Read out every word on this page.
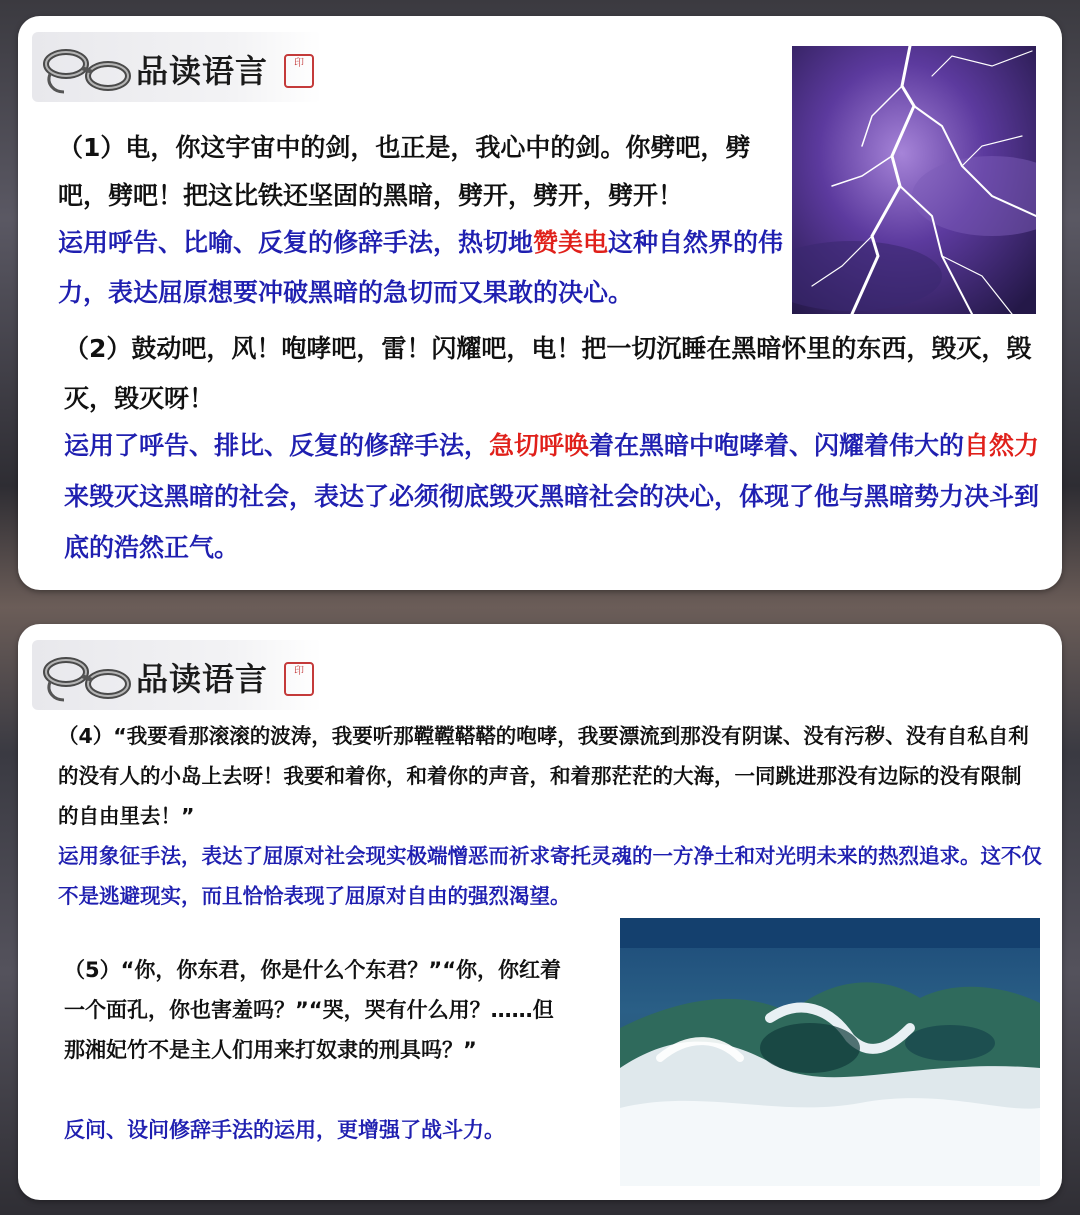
品读语言	印

（1）电，你这宇宙中的剑，也正是，我心中的剑。你劈吧，劈吧，劈吧！把这比铁还坚固的黑暗，劈开，劈开，劈开！

运用呼告、比喻、反复的修辞手法，热切地赞美电这种自然界的伟力，表达屈原想要冲破黑暗的急切而又果敢的决心。

（2）鼓动吧，风！咆哮吧，雷！闪耀吧，电！把一切沉睡在黑暗怀里的东西，毁灭，毁灭，毁灭呀！

运用了呼告、排比、反复的修辞手法，急切呼唤着在黑暗中咆哮着、闪耀着伟大的自然力来毁灭这黑暗的社会，表达了必须彻底毁灭黑暗社会的决心，体现了他与黑暗势力决斗到底的浩然正气。

品读语言	印

（4）“我要看那滚滚的波涛，我要听那鞺鞺鞳鞳的咆哮，我要漂流到那没有阴谋、没有污秽、没有自私自利的没有人的小岛上去呀！我要和着你，和着你的声音，和着那茫茫的大海，一同跳进那没有边际的没有限制的自由里去！”

运用象征手法，表达了屈原对社会现实极端憎恶而祈求寄托灵魂的一方净土和对光明未来的热烈追求。这不仅不是逃避现实，而且恰恰表现了屈原对自由的强烈渴望。

（5）“你，你东君，你是什么个东君？”“你，你红着一个面孔，你也害羞吗？”“哭，哭有什么用？……但那湘妃竹不是主人们用来打奴隶的刑具吗？”

反问、设问修辞手法的运用，更增强了战斗力。
